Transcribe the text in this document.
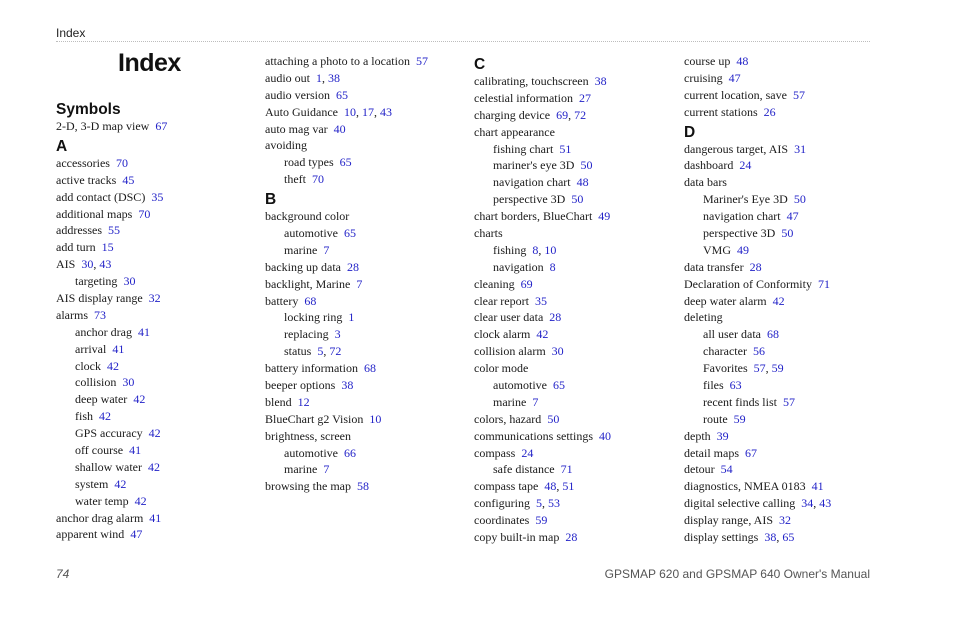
Index
Index
Symbols
2-D, 3-D map view 67
A
accessories 70
active tracks 45
add contact (DSC) 35
additional maps 70
addresses 55
add turn 15
AIS 30, 43
targeting 30
AIS display range 32
alarms 73
anchor drag 41
arrival 41
clock 42
collision 30
deep water 42
fish 42
GPS accuracy 42
off course 41
shallow water 42
system 42
water temp 42
anchor drag alarm 41
apparent wind 47
attaching a photo to a location 57
audio out 1, 38
audio version 65
Auto Guidance 10, 17, 43
auto mag var 40
avoiding
road types 65
theft 70
B
background color
automotive 65
marine 7
backing up data 28
backlight, Marine 7
battery 68
locking ring 1
replacing 3
status 5, 72
battery information 68
beeper options 38
blend 12
BlueChart g2 Vision 10
brightness, screen
automotive 66
marine 7
browsing the map 58
C
calibrating, touchscreen 38
celestial information 27
charging device 69, 72
chart appearance
fishing chart 51
mariner's eye 3D 50
navigation chart 48
perspective 3D 50
chart borders, BlueChart 49
charts
fishing 8, 10
navigation 8
cleaning 69
clear report 35
clear user data 28
clock alarm 42
collision alarm 30
color mode
automotive 65
marine 7
colors, hazard 50
communications settings 40
compass 24
safe distance 71
compass tape 48, 51
configuring 5, 53
coordinates 59
copy built-in map 28
course up 48
cruising 47
current location, save 57
current stations 26
D
dangerous target, AIS 31
dashboard 24
data bars
Mariner's Eye 3D 50
navigation chart 47
perspective 3D 50
VMG 49
data transfer 28
Declaration of Conformity 71
deep water alarm 42
deleting
all user data 68
character 56
Favorites 57, 59
files 63
recent finds list 57
route 59
depth 39
detail maps 67
detour 54
diagnostics, NMEA 0183 41
digital selective calling 34, 43
display range, AIS 32
display settings 38, 65
74	GPSMAP 620 and GPSMAP 640 Owner's Manual
